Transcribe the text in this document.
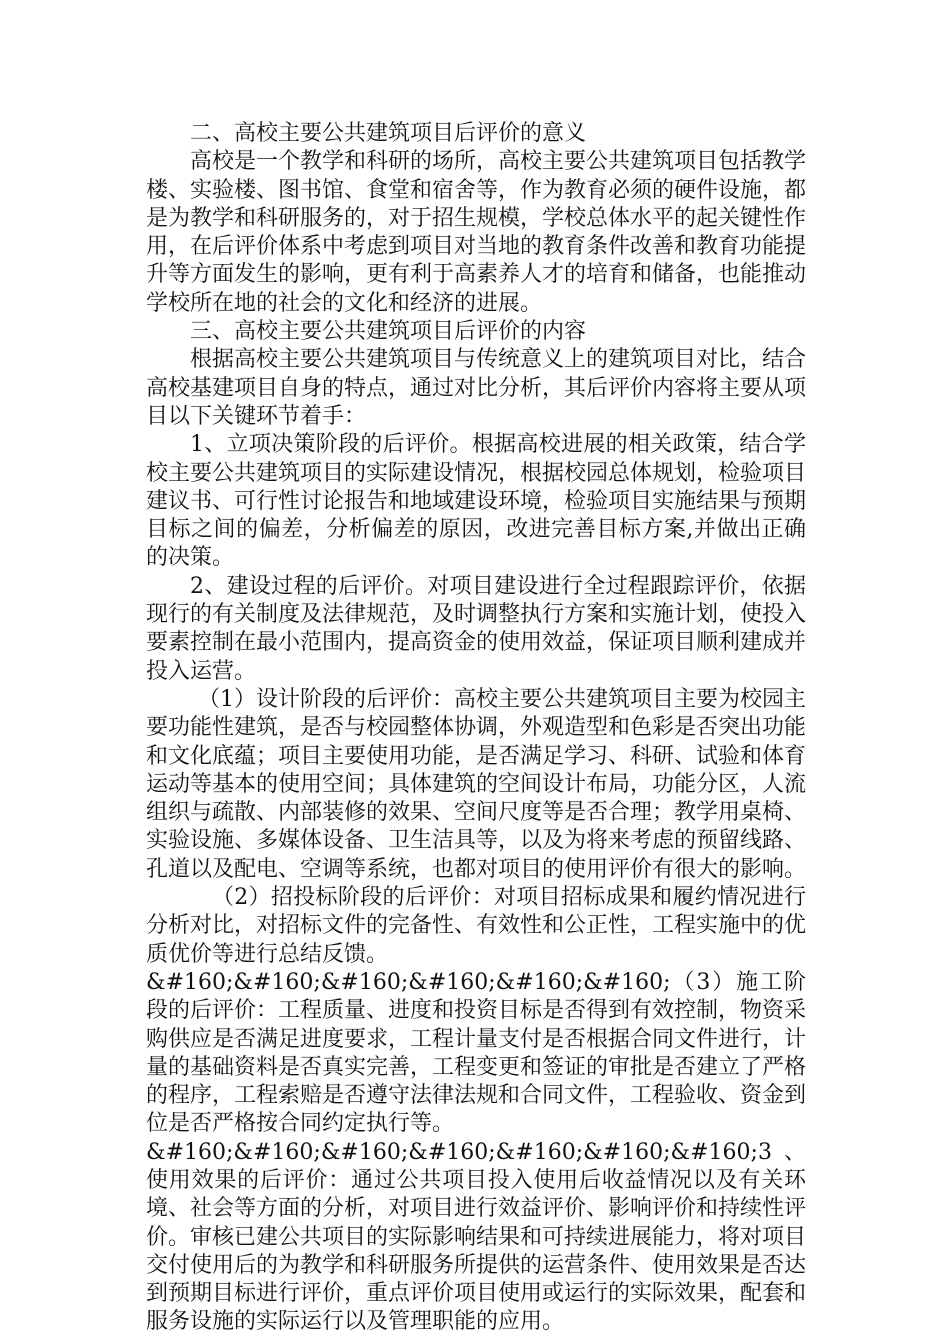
二、高校主要公共建筑项目后评价的意义

高校是一个教学和科研的场所，高校主要公共建筑项目包括教学楼、实验楼、图书馆、食堂和宿舍等，作为教育必须的硬件设施，都是为教学和科研服务的，对于招生规模，学校总体水平的起关键性作用，在后评价体系中考虑到项目对当地的教育条件改善和教育功能提升等方面发生的影响，更有利于高素养人才的培育和储备，也能推动学校所在地的社会的文化和经济的进展。

三、高校主要公共建筑项目后评价的内容

根据高校主要公共建筑项目与传统意义上的建筑项目对比，结合高校基建项目自身的特点，通过对比分析，其后评价内容将主要从项目以下关键环节着手：

1、立项决策阶段的后评价。根据高校进展的相关政策，结合学校主要公共建筑项目的实际建设情况，根据校园总体规划，检验项目建议书、可行性讨论报告和地域建设环境，检验项目实施结果与预期目标之间的偏差，分析偏差的原因，改进完善目标方案,并做出正确的决策。

2、建设过程的后评价。对项目建设进行全过程跟踪评价，依据现行的有关制度及法律规范，及时调整执行方案和实施计划，使投入要素控制在最小范围内，提高资金的使用效益，保证项目顺利建成并投入运营。

（1）设计阶段的后评价：高校主要公共建筑项目主要为校园主要功能性建筑，是否与校园整体协调，外观造型和色彩是否突出功能和文化底蕴；项目主要使用功能，是否满足学习、科研、试验和体育运动等基本的使用空间；具体建筑的空间设计布局，功能分区，人流组织与疏散、内部装修的效果、空间尺度等是否合理；教学用桌椅、实验设施、多媒体设备、卫生洁具等，以及为将来考虑的预留线路、孔道以及配电、空调等系统，也都对项目的使用评价有很大的影响。

（2）招投标阶段的后评价：对项目招标成果和履约情况进行分析对比，对招标文件的完备性、有效性和公正性，工程实施中的优质优价等进行总结反馈。

&#160;&#160;&#160;&#160;&#160;&#160;（3）施工阶段的后评价：工程质量、进度和投资目标是否得到有效控制，物资采购供应是否满足进度要求，工程计量支付是否根据合同文件进行，计量的基础资料是否真实完善，工程变更和签证的审批是否建立了严格的程序，工程索赔是否遵守法律法规和合同文件，工程验收、资金到位是否严格按合同约定执行等。

&#160;&#160;&#160;&#160;&#160;&#160;&#160;3、使用效果的后评价：通过公共项目投入使用后收益情况以及有关环境、社会等方面的分析，对项目进行效益评价、影响评价和持续性评价。审核已建公共项目的实际影响结果和可持续进展能力，将对项目交付使用后的为教学和科研服务所提供的运营条件、使用效果是否达到预期目标进行评价，重点评价项目使用或运行的实际效果，配套和服务设施的实际运行以及管理职能的应用。
